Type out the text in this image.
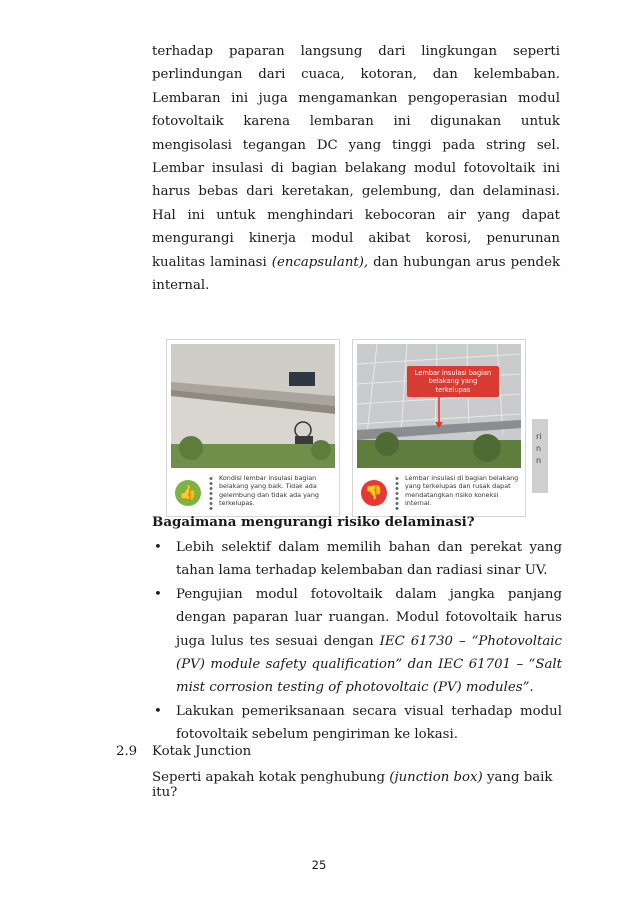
terhadap paparan langsung dari lingkungan seperti perlindungan dari cuaca, kotoran, dan kelembaban. Lembaran ini juga mengamankan pengoperasian modul fotovoltaik karena lembaran ini digunakan untuk mengisolasi tegangan DC yang tinggi pada string sel. Lembar insulasi di bagian belakang modul fotovoltaik ini harus bebas dari keretakan, gelembung, dan delaminasi. Hal ini untuk menghindari kebocoran air yang dapat mengurangi kinerja modul akibat korosi, penurunan kualitas laminasi (encapsulant), dan hubungan arus pendek internal.

👍
Kondisi lembar insulasi bagian belakang yang baik. Tidak ada gelembung dan tidak ada yang terkelupas.
Lembar insulasi bagian belakang yang terkelupas
👎
Lembar insulasi di bagian belakang yang terkelupas dan rusak dapat mendatangkan risiko koneksi internal.
ri
n
n

Bagaimana mengurangi risiko delaminasi?

• Lebih selektif dalam memilih bahan dan perekat yang tahan lama terhadap kelembaban dan radiasi sinar UV.
• Pengujian modul fotovoltaik dalam jangka panjang dengan paparan luar ruangan. Modul fotovoltaik harus juga lulus tes sesuai dengan IEC 61730 – “Photovoltaic (PV) module safety qualification” dan IEC 61701 – “Salt mist corrosion testing of photovoltaic (PV) modules”.
• Lakukan pemeriksanaan secara visual terhadap modul fotovoltaik sebelum pengiriman ke lokasi.
2.9 Kotak Junction
Seperti apakah kotak penghubung (junction box) yang baik itu?
25
